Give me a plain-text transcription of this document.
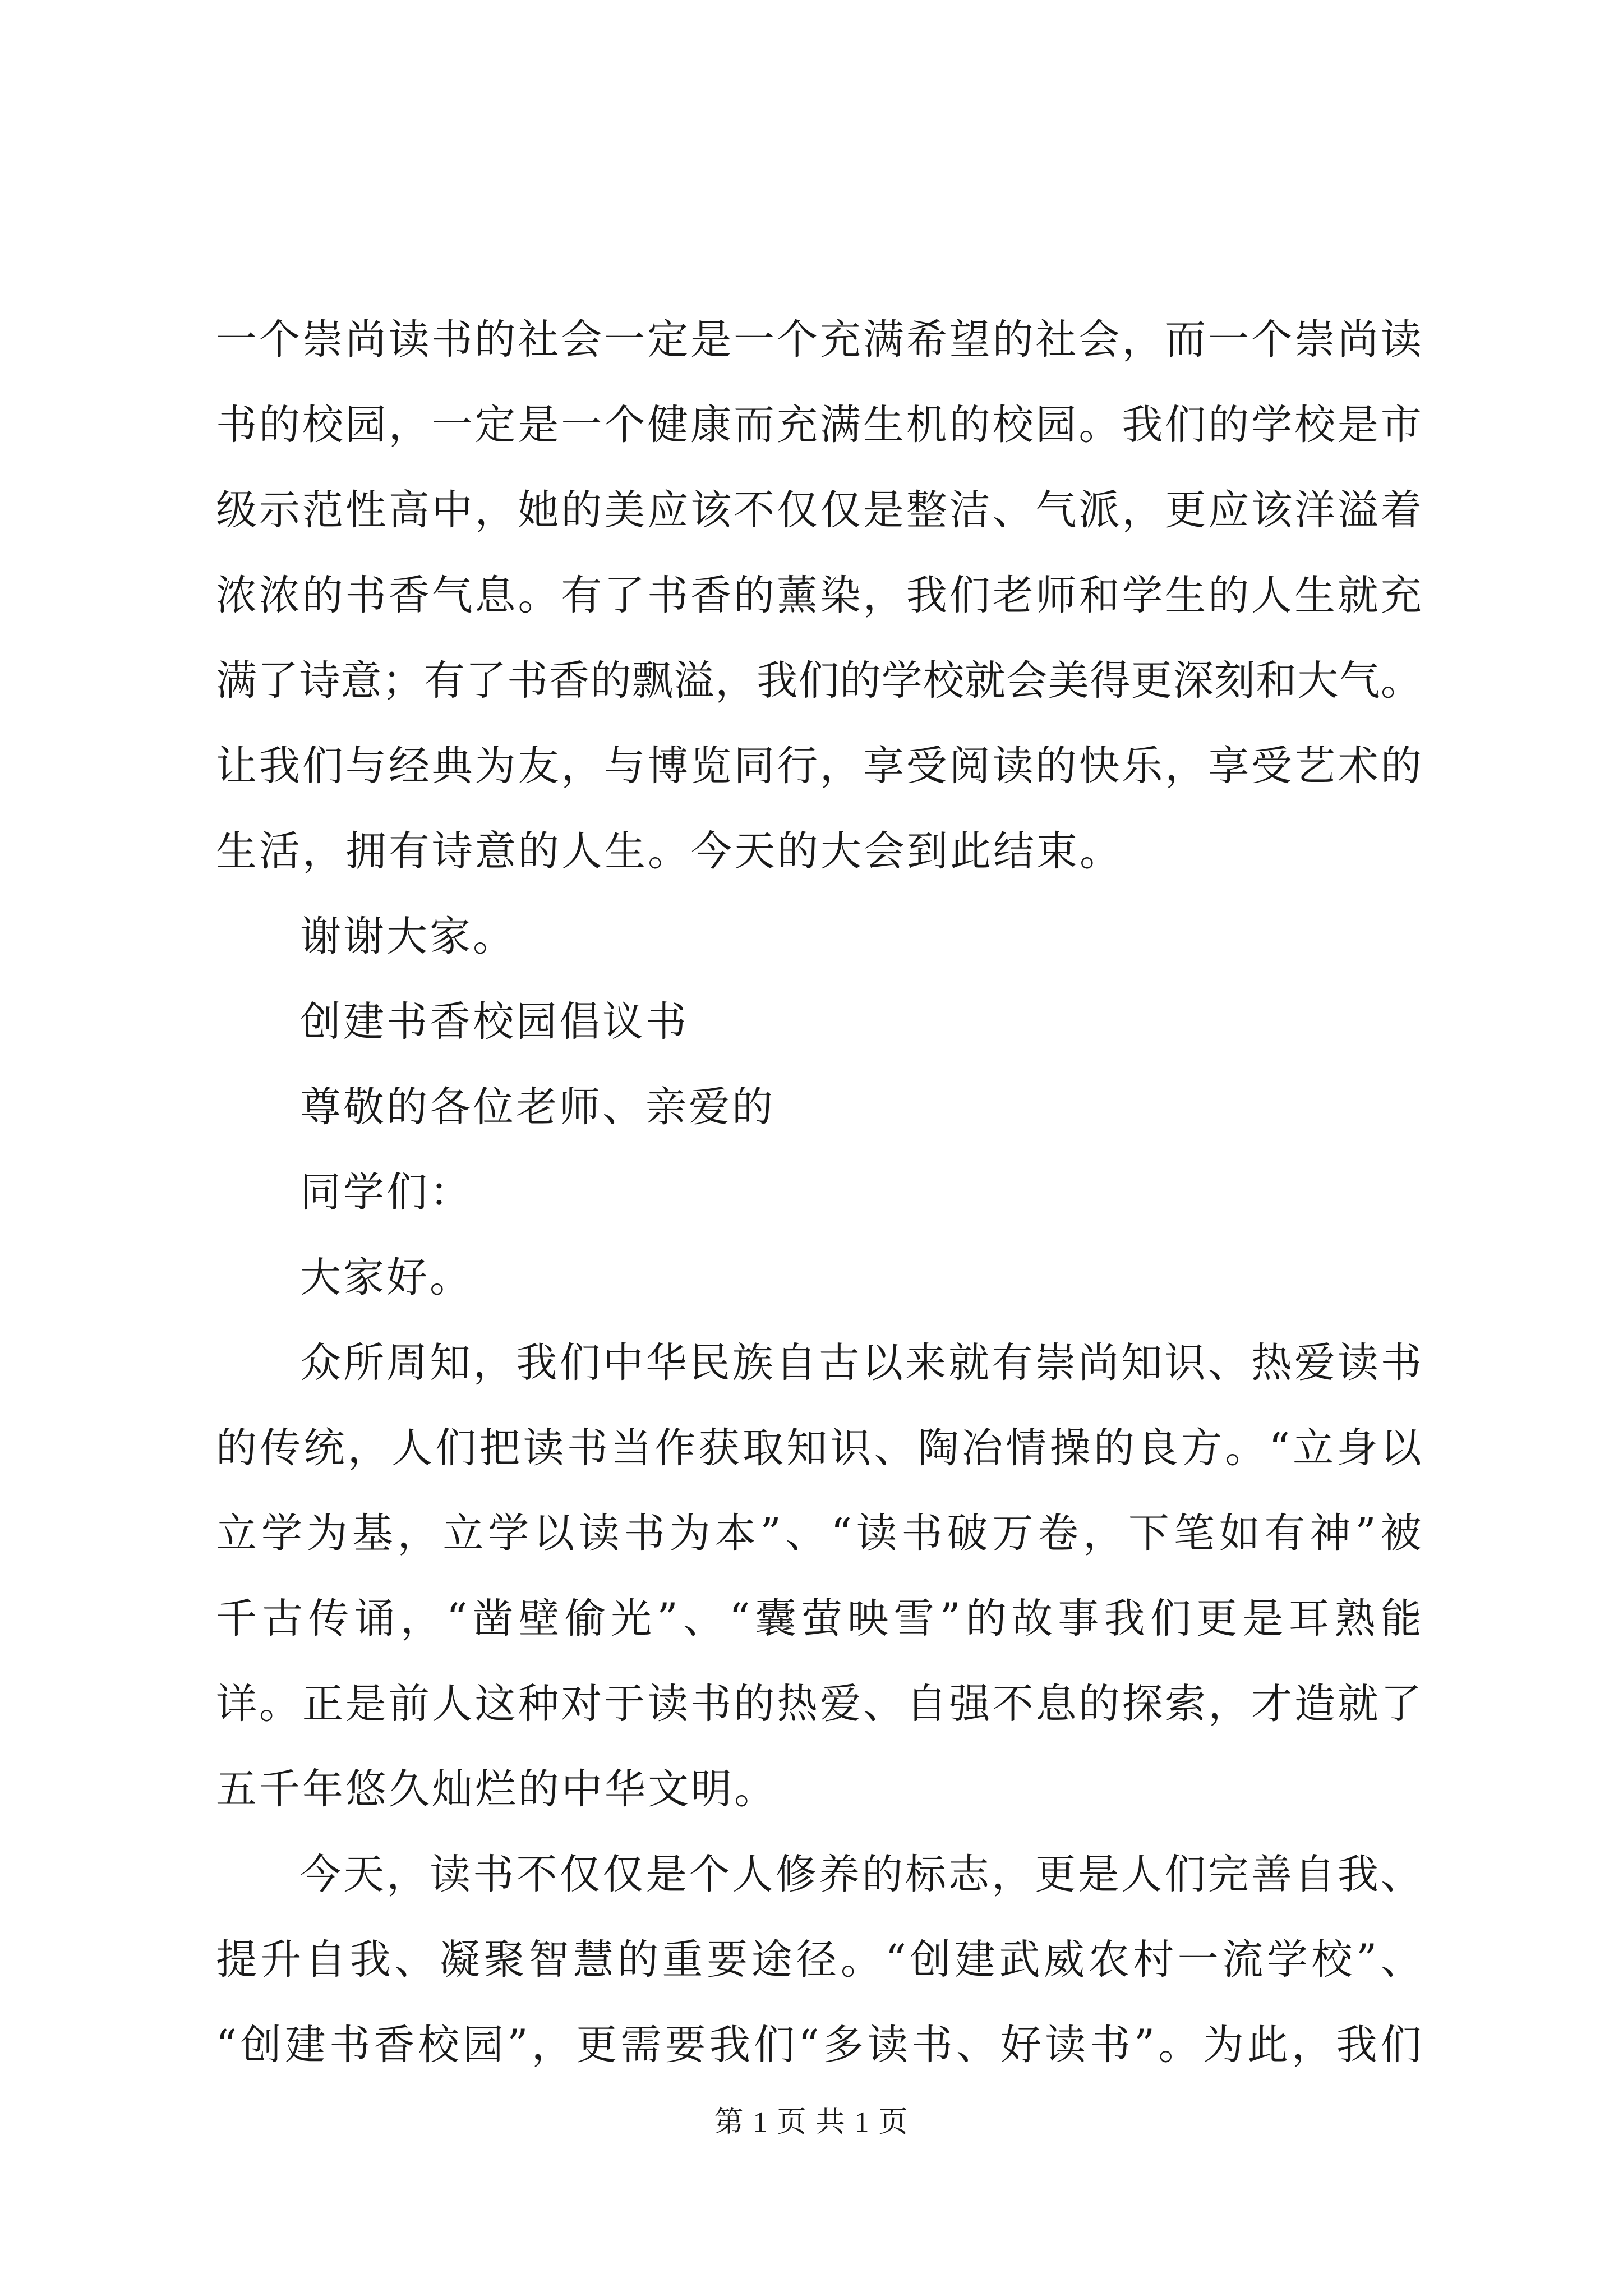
一 个 崇 尚 读 书 的 社 会 一 定 是 一 个 充 满 希 望 的 社 会 ， 而 一 个 崇 尚 读
书 的 校 园 ， 一 定 是 一 个 健 康 而 充 满 生 机 的 校 园 。 我 们 的 学 校 是 市
级 示 范 性 高 中 ， 她 的 美 应 该 不 仅 仅 是 整 洁 、 气 派 ， 更 应 该 洋 溢 着
浓 浓 的 书 香 气 息 。 有 了 书 香 的 薰 染 ， 我 们 老 师 和 学 生 的 人 生 就 充
满 了 诗 意 ； 有 了 书 香 的 飘 溢 ， 我 们 的 学 校 就 会 美 得 更 深 刻 和 大 气 。
让 我 们 与 经 典 为 友 ， 与 博 览 同 行 ， 享 受 阅 读 的 快 乐 ， 享 受 艺 术 的
生活，拥有诗意的人生。今天的大会到此结束。
谢谢大家。
创建书香校园倡议书
尊敬的各位老师、亲爱的
同学们：
大家好。
众 所 周 知 ， 我 们 中 华 民 族 自 古 以 来 就 有 崇 尚 知 识 、 热 爱 读 书
的 传 统 ， 人 们 把 读 书 当 作 获 取 知 识 、 陶 冶 情 操 的 良 方 。 “ 立 身 以
立 学 为 基 ， 立 学 以 读 书 为 本 ” 、 “ 读 书 破 万 卷 ， 下 笔 如 有 神 ” 被
千 古 传 诵 ， “ 凿 壁 偷 光 ” 、 “ 囊 萤 映 雪 ” 的 故 事 我 们 更 是 耳 熟 能
详 。 正 是 前 人 这 种 对 于 读 书 的 热 爱 、 自 强 不 息 的 探 索 ， 才 造 就 了
五千年悠久灿烂的中华文明。
今 天 ， 读 书 不 仅 仅 是 个 人 修 养 的 标 志 ， 更 是 人 们 完 善 自 我 、
提 升 自 我 、 凝 聚 智 慧 的 重 要 途 径 。 “ 创 建 武 威 农 村 一 流 学 校 ” 、
“ 创 建 书 香 校 园 ” ， 更 需 要 我 们 “ 多 读 书 、 好 读 书 ” 。 为 此 ， 我 们
第 1 页 共 1 页
